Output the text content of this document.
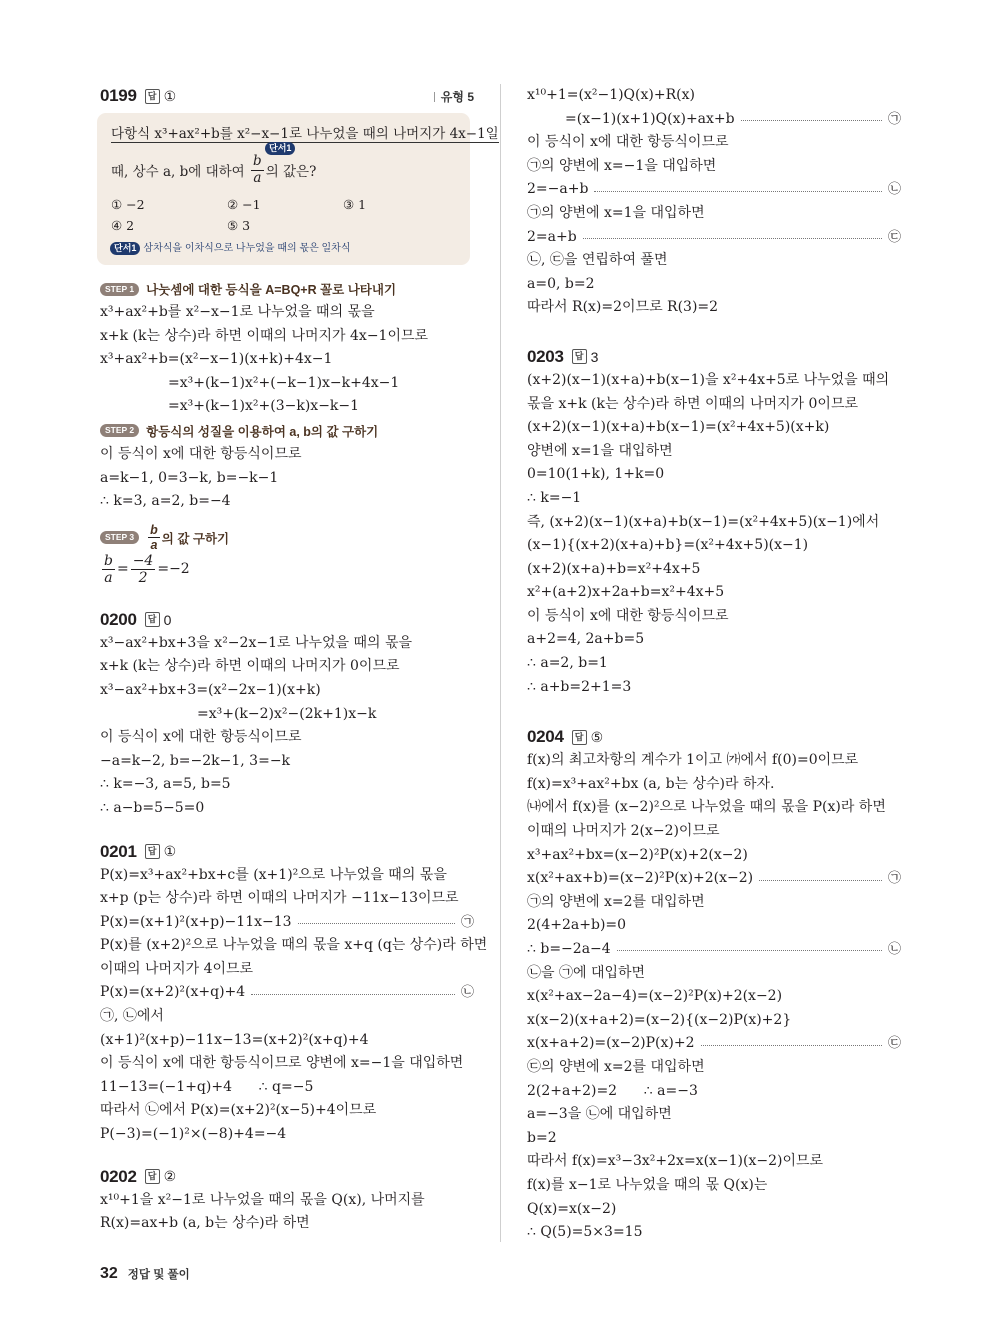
0199	답 ①	유형 5
다항식 x³+ax²+b를 x²−x−1로 나누었을 때의 나머지가 4x−1일
단서1
때, 상수 a, b에 대하여 $\frac{b}{a}$ 의 값은?
① −2	② −1	③ 1
④ 2	⑤ 3
단서1 삼차식을 이차식으로 나누었을 때의 몫은 일차식
STEP 1 나눗셈에 대한 등식을 A=BQ+R 꼴로 나타내기
x³+ax²+b를 x²−x−1로 나누었을 때의 몫을
x+k (k는 상수)라 하면 이때의 나머지가 4x−1이므로
x³+ax²+b=(x²−x−1)(x+k)+4x−1
=x³+(k−1)x²+(−k−1)x−k+4x−1
=x³+(k−1)x²+(3−k)x−k−1
STEP 2 항등식의 성질을 이용하여 a, b의 값 구하기
이 등식이 x에 대한 항등식이므로
a=k−1, 0=3−k, b=−k−1
∴ k=3, a=2, b=−4
STEP 3	$\frac{b}{a}$ 의 값 구하기
$\frac{b}{a} = \frac{-4}{2} =-2$
0200	답 0
x³−ax²+bx+3을 x²−2x−1로 나누었을 때의 몫을
x+k (k는 상수)라 하면 이때의 나머지가 0이므로
x³−ax²+bx+3=(x²−2x−1)(x+k)
=x³+(k−2)x²−(2k+1)x−k
이 등식이 x에 대한 항등식이므로
−a=k−2, b=−2k−1, 3=−k
∴ k=−3, a=5, b=5
∴ a−b=5−5=0
0201	답 ①
P(x)=x³+ax²+bx+c를 (x+1)²으로 나누었을 때의 몫을
x+p (p는 상수)라 하면 이때의 나머지가 −11x−13이므로
P(x)=(x+1)²(x+p)−11x−13	㉠
P(x)를 (x+2)²으로 나누었을 때의 몫을 x+q (q는 상수)라 하면
이때의 나머지가 4이므로
P(x)=(x+2)²(x+q)+4	㉡
㉠, ㉡에서
(x+1)²(x+p)−11x−13=(x+2)²(x+q)+4
이 등식이 x에 대한 항등식이므로 양변에 x=−1을 대입하면
11−13=(−1+q)+4      ∴ q=−5
따라서 ㉡에서 P(x)=(x+2)²(x−5)+4이므로
P(−3)=(−1)²×(−8)+4=−4
0202	답 ②
x¹⁰+1을 x²−1로 나누었을 때의 몫을 Q(x), 나머지를
R(x)=ax+b (a, b는 상수)라 하면
x¹⁰+1=(x²−1)Q(x)+R(x)
=(x−1)(x+1)Q(x)+ax+b	㉠
이 등식이 x에 대한 항등식이므로
㉠의 양변에 x=−1을 대입하면
2=−a+b	㉡
㉠의 양변에 x=1을 대입하면
2=a+b	㉢
㉡, ㉢을 연립하여 풀면
a=0, b=2
따라서 R(x)=2이므로 R(3)=2
0203	답 3
(x+2)(x−1)(x+a)+b(x−1)을 x²+4x+5로 나누었을 때의
몫을 x+k (k는 상수)라 하면 이때의 나머지가 0이므로
(x+2)(x−1)(x+a)+b(x−1)=(x²+4x+5)(x+k)
양변에 x=1을 대입하면
0=10(1+k), 1+k=0
∴ k=−1
즉, (x+2)(x−1)(x+a)+b(x−1)=(x²+4x+5)(x−1)에서
(x−1){(x+2)(x+a)+b}=(x²+4x+5)(x−1)
(x+2)(x+a)+b=x²+4x+5
x²+(a+2)x+2a+b=x²+4x+5
이 등식이 x에 대한 항등식이므로
a+2=4, 2a+b=5
∴ a=2, b=1
∴ a+b=2+1=3
0204	답 ⑤
f(x)의 최고차항의 계수가 1이고 ㈎에서 f(0)=0이므로
f(x)=x³+ax²+bx (a, b는 상수)라 하자.
㈏에서 f(x)를 (x−2)²으로 나누었을 때의 몫을 P(x)라 하면
이때의 나머지가 2(x−2)이므로
x³+ax²+bx=(x−2)²P(x)+2(x−2)
x(x²+ax+b)=(x−2)²P(x)+2(x−2)	㉠
㉠의 양변에 x=2를 대입하면
2(4+2a+b)=0
∴ b=−2a−4	㉡
㉡을 ㉠에 대입하면
x(x²+ax−2a−4)=(x−2)²P(x)+2(x−2)
x(x−2)(x+a+2)=(x−2){(x−2)P(x)+2}
x(x+a+2)=(x−2)P(x)+2	㉢
㉢의 양변에 x=2를 대입하면
2(2+a+2)=2      ∴ a=−3
a=−3을 ㉡에 대입하면
b=2
따라서 f(x)=x³−3x²+2x=x(x−1)(x−2)이므로
f(x)를 x−1로 나누었을 때의 몫 Q(x)는
Q(x)=x(x−2)
∴ Q(5)=5×3=15
32 정답 및 풀이
